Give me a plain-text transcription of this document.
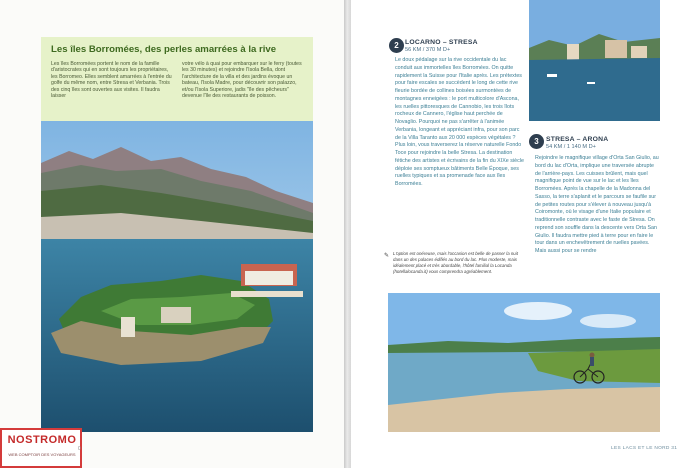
Les îles Borromées, des perles amarrées à la rive
Les îles Borromées portent le nom de la famille d'aristocrates qui en sont toujours les propriétaires, les Borromeo. Elles semblent amarrées à l'entrée du golfe du même nom, entre Stresa et Verbania. Trois des cinq îles sont ouvertes aux visites. Il faudra laisser
votre vélo à quai pour embarquer sur le ferry (toutes les 30 minutes) et rejoindre l'Isola Bella, dont l'architecture de la villa et des jardins évoque un bateau, l'Isola Madre, pour découvrir son palazzo, et/ou l'Isola Superiore, jadis "île des pêcheurs" devenue l'île des restaurants de poisson.
NOSTROMO
WEB COMPTOIR DES VOYAGEURS
0
2 LOCARNO – STRESA
56 KM / 370 M D+
Le doux pédalage sur la rive occidentale du lac conduit aux immortelles îles Borromées. On quitte rapidement la Suisse pour l'Italie après. Les prétextes pour faire escales se succèdent le long de cette rive fleurie bordée de collines boisées surmontées de montagnes enneigées : le port multicolore d'Ascona, les ruelles pittoresques de Cannobio, les trois îlots rocheux de Cannero, l'église haut perchée de Novaglio. Pourquoi ne pas s'arrêter à l'animée Verbania, longeant et appréciant infra, pour son parc de la Villa Taranto aux 20 000 espèces végétales ? Plus loin, vous traverserez la réserve naturelle Fondo Toce pour rejoindre la belle Stresa. La destination fétiche des artistes et écrivains de la fin du XIXe siècle déploie ses somptueux bâtiments Belle Époque, ses ruelles typiques et sa promenade face aux îles Borromées.
✎ L'option est onéreuse, mais l'occasion est belle de passer la nuit dans un des palaces édifiés au bord du lac. Plus modeste, mais idéalement placé et très abordable, l'hôtel familial la Locanda (hotellalocanda.it) vous comprendra agréablement.
3	STRESA – ARONA
54 KM / 1 140 M D+
Rejoindre le magnifique village d'Orta San Giulio, au bord du lac d'Orta, implique une traversée abrupte de l'arrière-pays. Les cuisses brûlent, mais quel magnifique point de vue sur le lac et les îles Borromées. Après la chapelle de la Madonna del Sasso, la terre s'aplanit et le parcours se faufile sur de petites routes pour s'élever à nouveau jusqu'à Coiromonte, où le visage d'une Italie populaire et traditionnelle contraste avec le faste de Stresa. On reprend son souffle dans la descente vers Orta San Giulio. Il faudra mettre pied à terre pour en faire le tour dans un enchevêtrement de ruelles pavées. Mais aussi pour se rendre
LES LACS ET LE NORD 31
